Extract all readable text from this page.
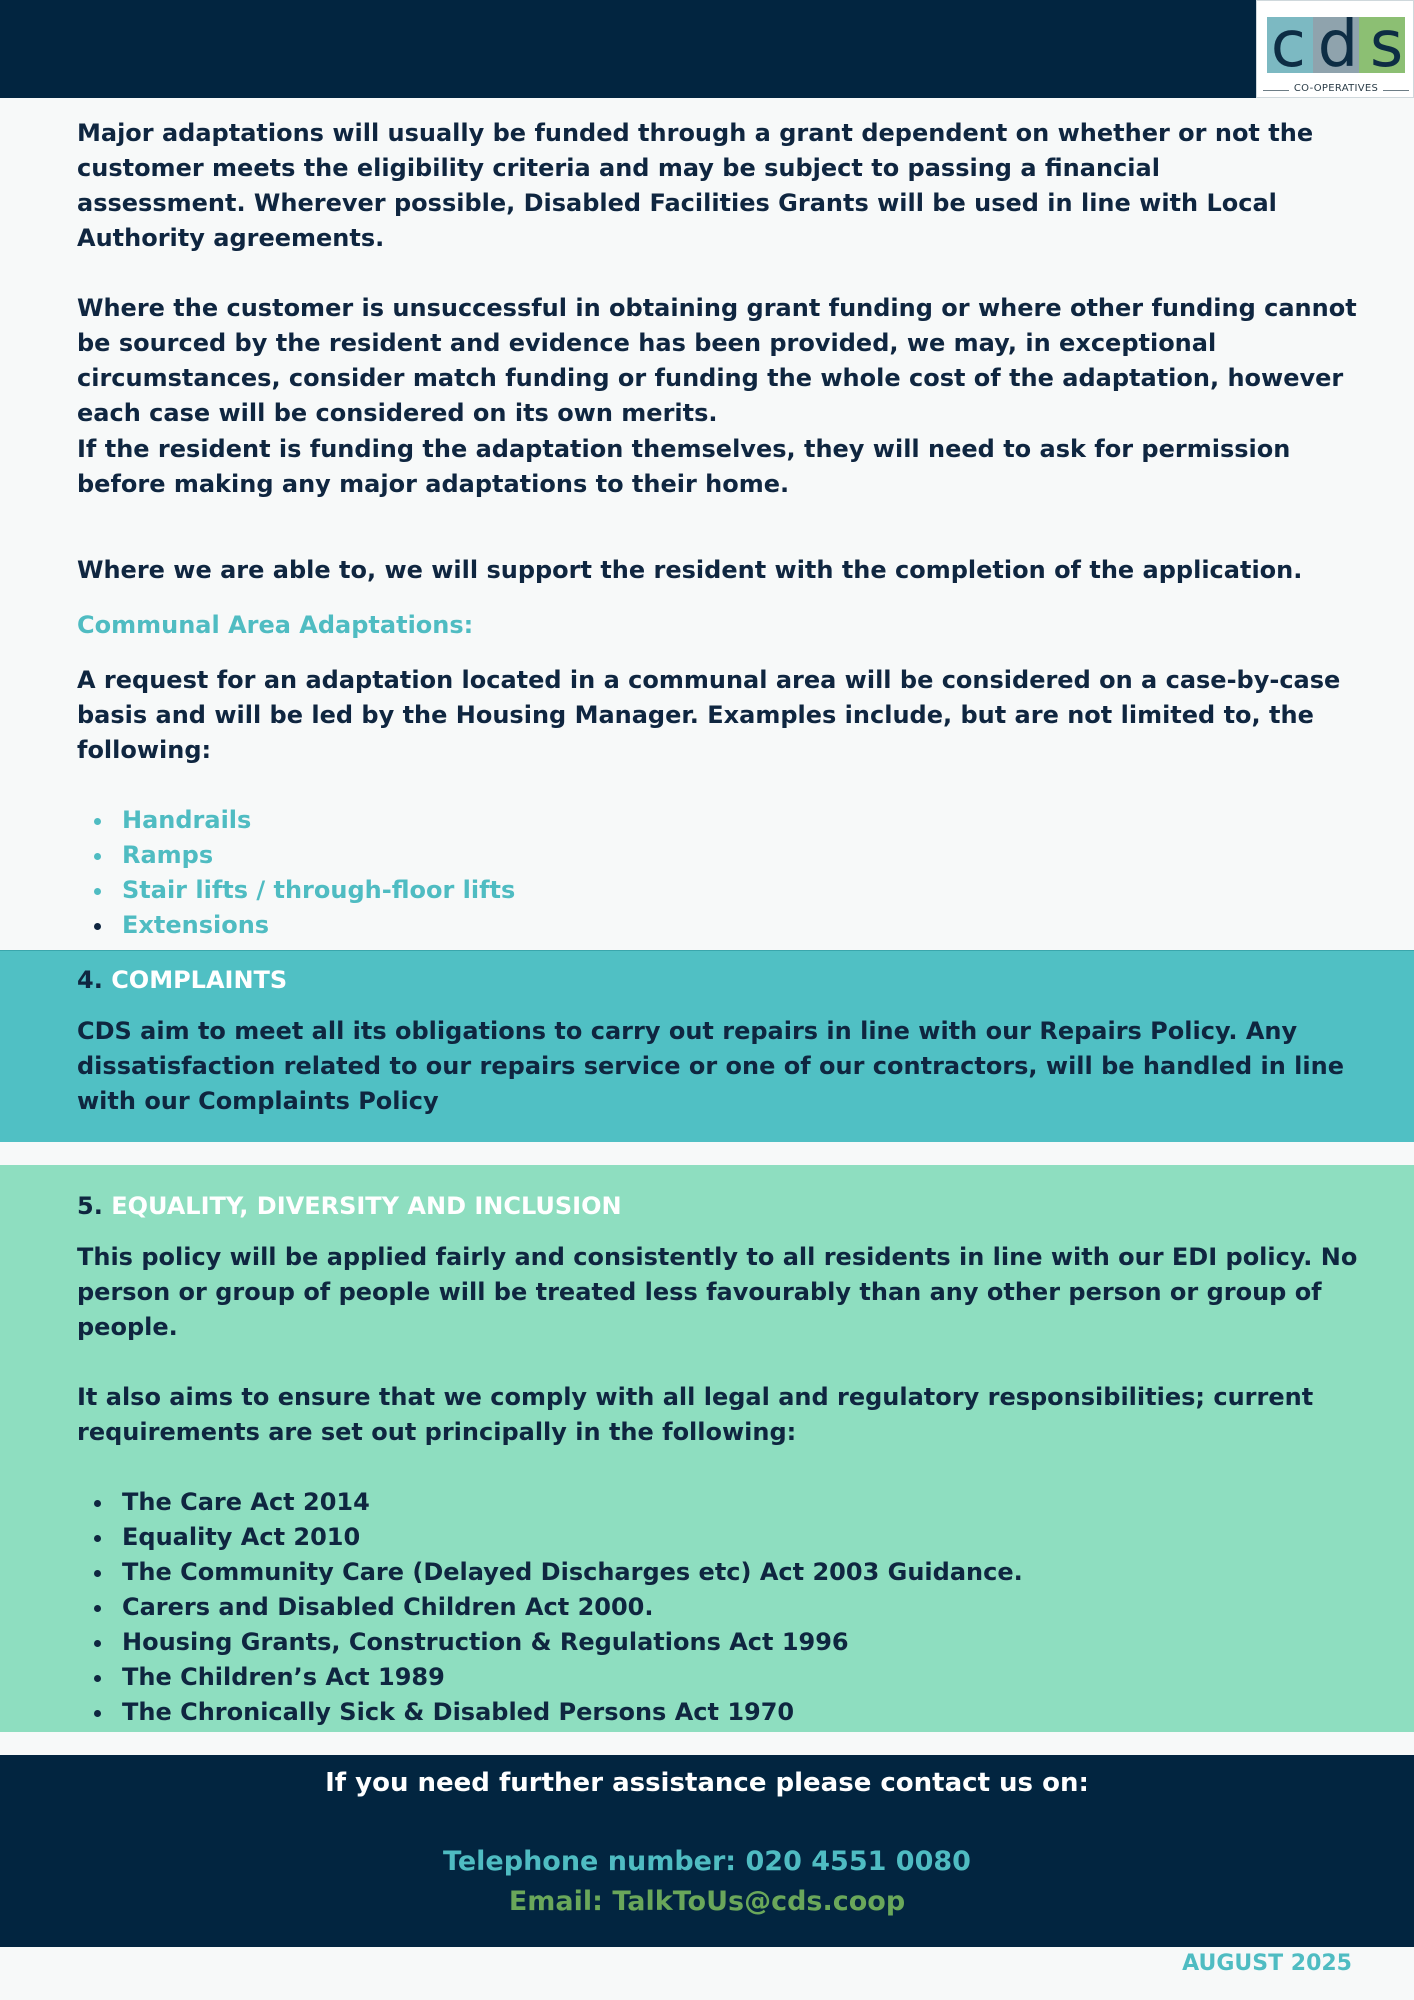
c d s
CO-OPERATIVES

Major adaptations will usually be funded through a grant dependent on whether or not the customer meets the eligibility criteria and may be subject to passing a financial assessment. Wherever possible, Disabled Facilities Grants will be used in line with Local Authority agreements.

Where the customer is unsuccessful in obtaining grant funding or where other funding cannot be sourced by the resident and evidence has been provided, we may, in exceptional circumstances, consider match funding or funding the whole cost of the adaptation, however each case will be considered on its own merits.

If the resident is funding the adaptation themselves, they will need to ask for permission before making any major adaptations to their home.

Where we are able to, we will support the resident with the completion of the application.

Communal Area Adaptations:

A request for an adaptation located in a communal area will be considered on a case-by-case basis and will be led by the Housing Manager. Examples include, but are not limited to, the following:

Handrails
Ramps
Stair lifts / through-floor lifts
Extensions
4. COMPLAINTS

CDS aim to meet all its obligations to carry out repairs in line with our Repairs Policy. Any dissatisfaction related to our repairs service or one of our contractors, will be handled in line with our Complaints Policy

5. EQUALITY, DIVERSITY AND INCLUSION

This policy will be applied fairly and consistently to all residents in line with our EDI policy. No person or group of people will be treated less favourably than any other person or group of people.

It also aims to ensure that we comply with all legal and regulatory responsibilities; current requirements are set out principally in the following:

The Care Act 2014
Equality Act 2010
The Community Care (Delayed Discharges etc) Act 2003 Guidance.
Carers and Disabled Children Act 2000.
Housing Grants, Construction & Regulations Act 1996
The Children’s Act 1989
The Chronically Sick & Disabled Persons Act 1970
If you need further assistance please contact us on:
Telephone number: 020 4551 0080
Email: TalkToUs@cds.coop
AUGUST 2025
